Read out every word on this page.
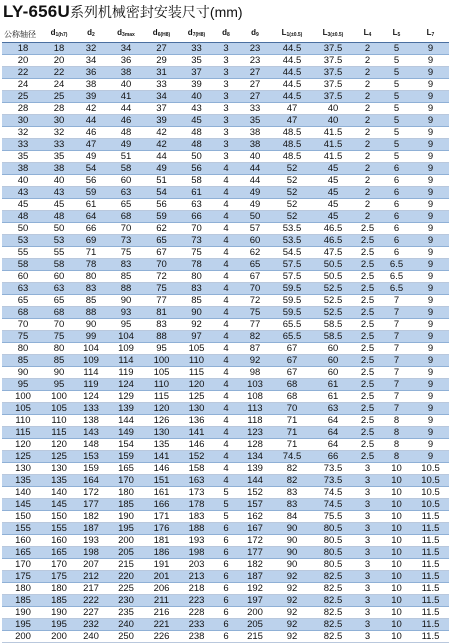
LY-656U系列机械密封安装尺寸(mm)
公称轴径	$d_{1(h7)}$	$d_2$	$d_{3max}$	$d_{6(H8)}$	$d_{7(H8)}$	$d_8$	$d_9$	$L_{1(\pm 0.5)}$	$L_{3(\pm 0.5)}$	$L_4$	$L_5$	$L_7$
18	18	32	34	27	33	3	23	44.5	37.5	2	5	9
20	20	34	36	29	35	3	23	44.5	37.5	2	5	9
22	22	36	38	31	37	3	27	44.5	37.5	2	5	9
24	24	38	40	33	39	3	27	44.5	37.5	2	5	9
25	25	39	41	34	40	3	27	44.5	37.5	2	5	9
28	28	42	44	37	43	3	33	47	40	2	5	9
30	30	44	46	39	45	3	35	47	40	2	5	9
32	32	46	48	42	48	3	38	48.5	41.5	2	5	9
33	33	47	49	42	48	3	38	48.5	41.5	2	5	9
35	35	49	51	44	50	3	40	48.5	41.5	2	5	9
38	38	54	58	49	56	4	44	52	45	2	6	9
40	40	56	60	51	58	4	44	52	45	2	6	9
43	43	59	63	54	61	4	49	52	45	2	6	9
45	45	61	65	56	63	4	49	52	45	2	6	9
48	48	64	68	59	66	4	50	52	45	2	6	9
50	50	66	70	62	70	4	57	53.5	46.5	2.5	6	9
53	53	69	73	65	73	4	60	53.5	46.5	2.5	6	9
55	55	71	75	67	75	4	62	54.5	47.5	2.5	6	9
58	58	78	83	70	78	4	65	57.5	50.5	2.5	6.5	9
60	60	80	85	72	80	4	67	57.5	50.5	2.5	6.5	9
63	63	83	88	75	83	4	70	59.5	52.5	2.5	6.5	9
65	65	85	90	77	85	4	72	59.5	52.5	2.5	7	9
68	68	88	93	81	90	4	75	59.5	52.5	2.5	7	9
70	70	90	95	83	92	4	77	65.5	58.5	2.5	7	9
75	75	99	104	88	97	4	82	65.5	58.5	2.5	7	9
80	80	104	109	95	105	4	87	67	60	2.5	7	9
85	85	109	114	100	110	4	92	67	60	2.5	7	9
90	90	114	119	105	115	4	98	67	60	2.5	7	9
95	95	119	124	110	120	4	103	68	61	2.5	7	9
100	100	124	129	115	125	4	108	68	61	2.5	7	9
105	105	133	139	120	130	4	113	70	63	2.5	7	9
110	110	138	144	126	136	4	118	71	64	2.5	8	9
115	115	143	149	130	141	4	123	71	64	2.5	8	9
120	120	148	154	135	146	4	128	71	64	2.5	8	9
125	125	153	159	141	152	4	134	74.5	66	2.5	8	9
130	130	159	165	146	158	4	139	82	73.5	3	10	10.5
135	135	164	170	151	163	4	144	82	73.5	3	10	10.5
140	140	172	180	161	173	5	152	83	74.5	3	10	10.5
145	145	177	185	166	178	5	157	83	74.5	3	10	10.5
150	150	182	190	171	183	5	162	84	75.5	3	10	11.5
155	155	187	195	176	188	6	167	90	80.5	3	10	11.5
160	160	193	200	181	193	6	172	90	80.5	3	10	11.5
165	165	198	205	186	198	6	177	90	80.5	3	10	11.5
170	170	207	215	191	203	6	182	90	80.5	3	10	11.5
175	175	212	220	201	213	6	187	92	82.5	3	10	11.5
180	180	217	225	206	218	6	192	92	82.5	3	10	11.5
185	185	222	230	211	223	6	197	92	82.5	3	10	11.5
190	190	227	235	216	228	6	200	92	82.5	3	10	11.5
195	195	232	240	221	233	6	205	92	82.5	3	10	11.5
200	200	240	250	226	238	6	215	92	82.5	3	10	11.5
